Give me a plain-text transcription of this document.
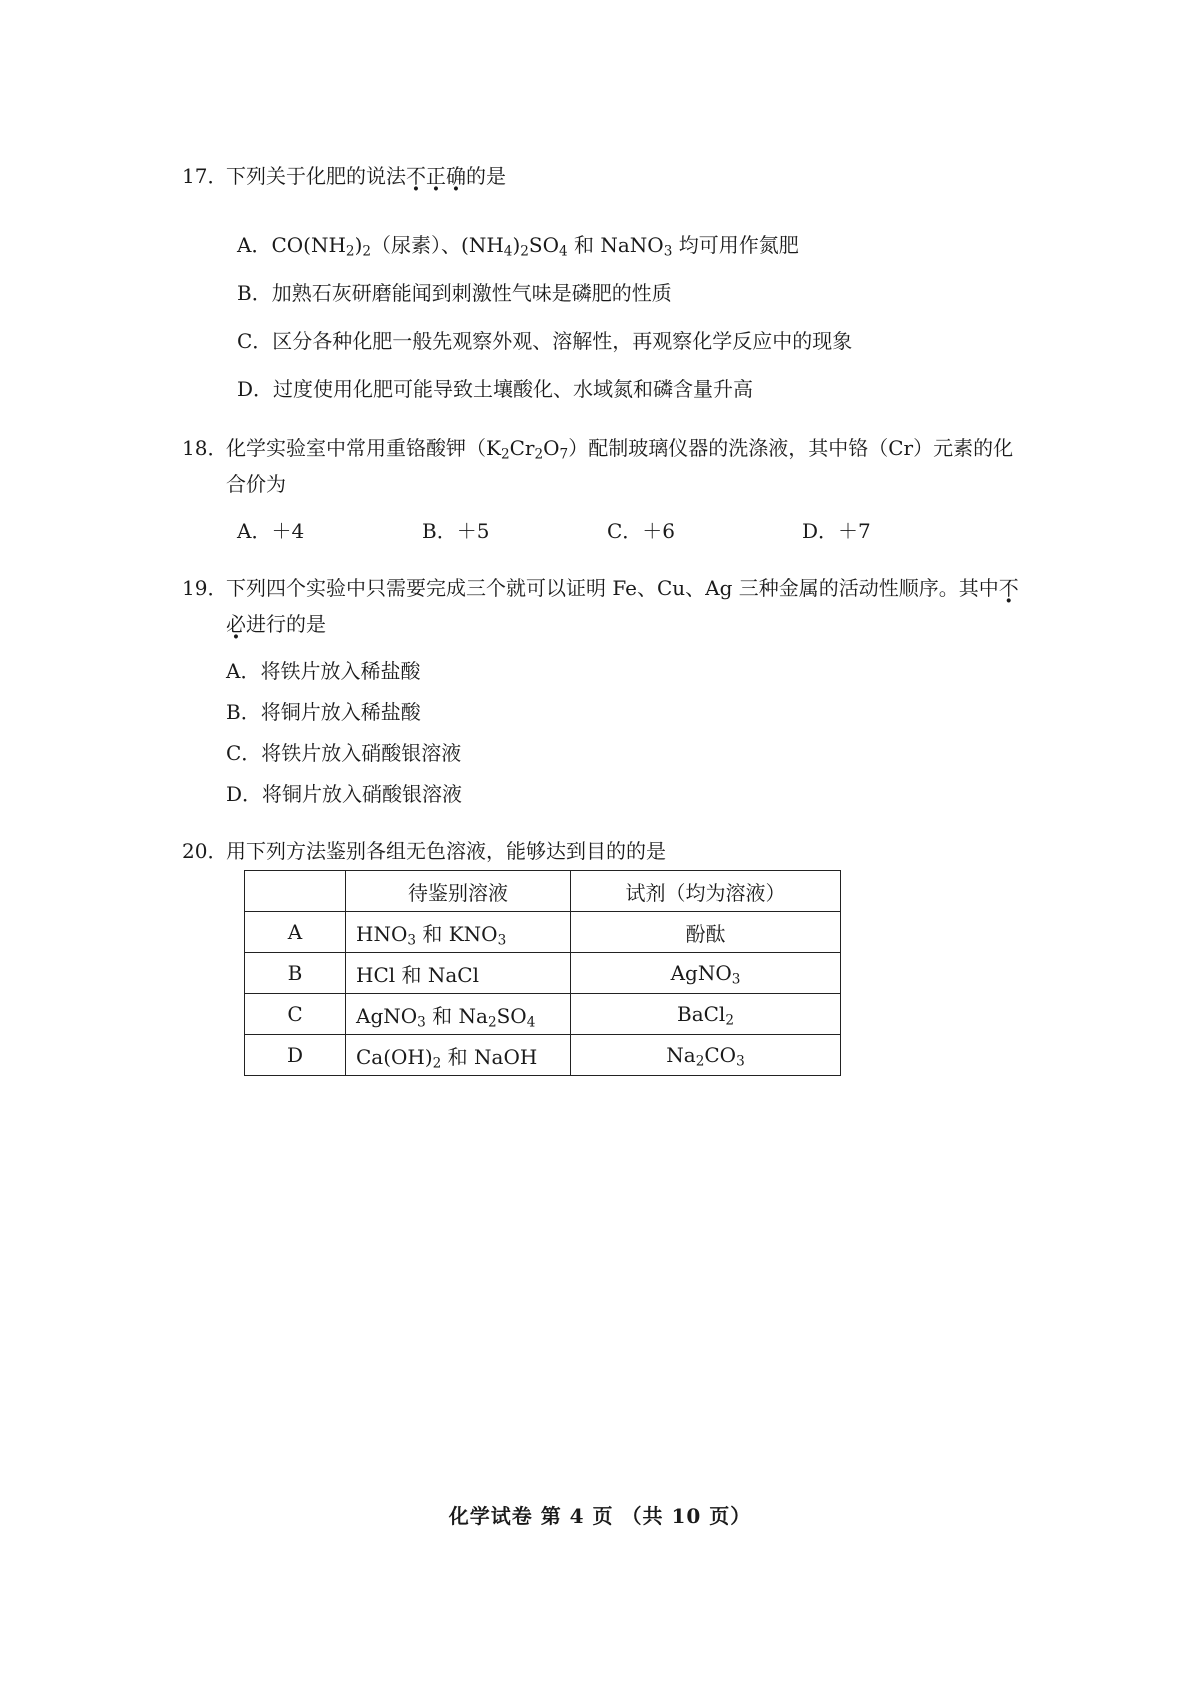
17．
下列关于化肥的说法不正确的是
A．$CO(NH_2)_2$（尿素）、$(NH_4)_2SO_4$ 和 NaNO$_3$ 均可用作氮肥
B．加熟石灰研磨能闻到刺激性气味是磷肥的性质
C．区分各种化肥一般先观察外观、溶解性，再观察化学反应中的现象
D．过度使用化肥可能导致土壤酸化、水域氮和磷含量升高
18．
化学实验室中常用重铬酸钾$(K_2Cr_2O_7)$配制玻璃仪器的洗涤液，其中铬（Cr）元素的化合价为
A．＋4	B．＋5	C．＋6	D．＋7
19．
下列四个实验中只需要完成三个就可以证明 Fe、Cu、Ag 三种金属的活动性顺序。其中不必进行的是
A．将铁片放入稀盐酸
B．将铜片放入稀盐酸
C．将铁片放入硝酸银溶液
D．将铜片放入硝酸银溶液
20．
用下列方法鉴别各组无色溶液，能够达到目的的是
	待鉴别溶液	试剂（均为溶液）
A	$HNO_3$ 和 $KNO_3$	酚酞
B	HCl 和 NaCl	AgNO$_3$
C	AgNO$_3$ 和 $Na_2SO_4$	BaCl$_2$
D	$Ca(OH)_2$ 和 NaOH	$Na_2CO_3$
化学试卷 第 4 页 （共 10 页）
